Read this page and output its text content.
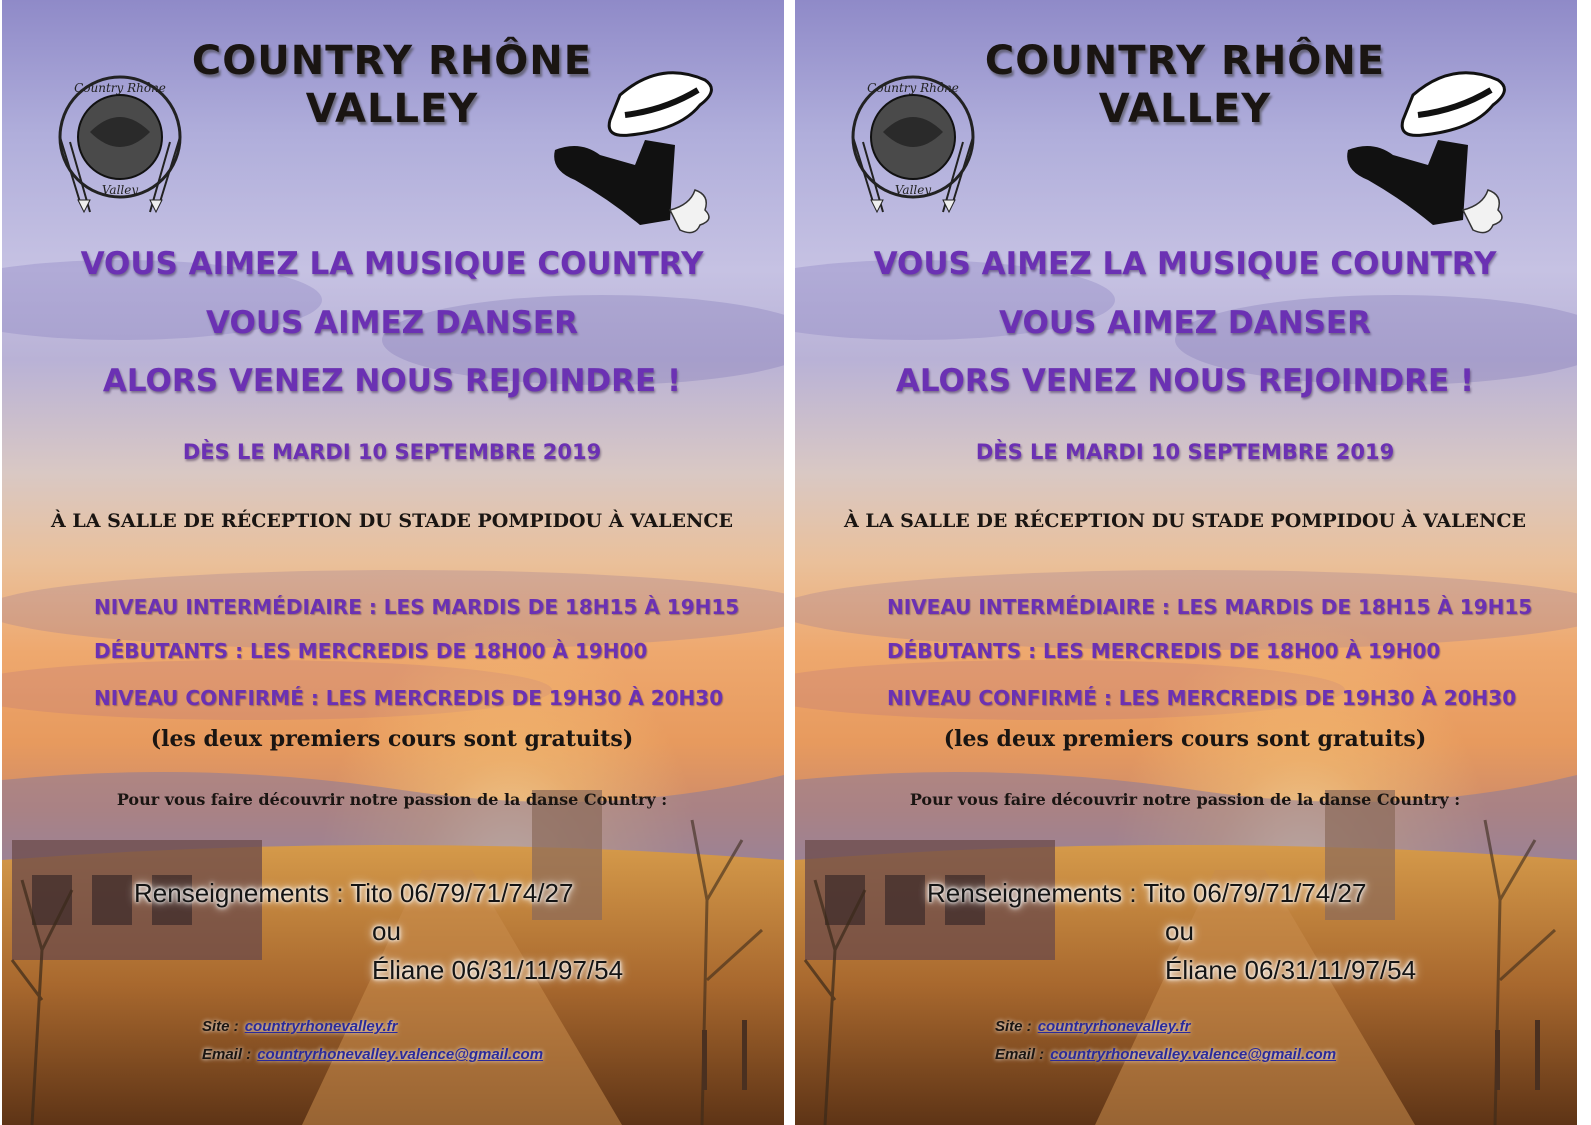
Country Rhône
Valley
COUNTRY RHÔNE
VALLEY
VOUS AIMEZ LA MUSIQUE COUNTRY
VOUS AIMEZ DANSER
ALORS VENEZ NOUS REJOINDRE !
DÈS LE MARDI 10 SEPTEMBRE 2019
À LA SALLE DE RÉCEPTION DU STADE POMPIDOU À VALENCE
NIVEAU INTERMÉDIAIRE : LES MARDIS DE 18H15 À 19H15
DÉBUTANTS : LES MERCREDIS DE 18H00 À 19H00
NIVEAU CONFIRMÉ : LES MERCREDIS DE 19H30 À 20H30
(les deux premiers cours sont gratuits)
Pour vous faire découvrir notre passion de la danse Country :
Renseignements : Tito 06/79/71/74/27
ou
Éliane 06/31/11/97/54
Site : countryrhonevalley.fr
Email : countryrhonevalley.valence@gmail.com
Country Rhône
Valley
COUNTRY RHÔNE
VALLEY
VOUS AIMEZ LA MUSIQUE COUNTRY
VOUS AIMEZ DANSER
ALORS VENEZ NOUS REJOINDRE !
DÈS LE MARDI 10 SEPTEMBRE 2019
À LA SALLE DE RÉCEPTION DU STADE POMPIDOU À VALENCE
NIVEAU INTERMÉDIAIRE : LES MARDIS DE 18H15 À 19H15
DÉBUTANTS : LES MERCREDIS DE 18H00 À 19H00
NIVEAU CONFIRMÉ : LES MERCREDIS DE 19H30 À 20H30
(les deux premiers cours sont gratuits)
Pour vous faire découvrir notre passion de la danse Country :
Renseignements : Tito 06/79/71/74/27
ou
Éliane 06/31/11/97/54
Site : countryrhonevalley.fr
Email : countryrhonevalley.valence@gmail.com
